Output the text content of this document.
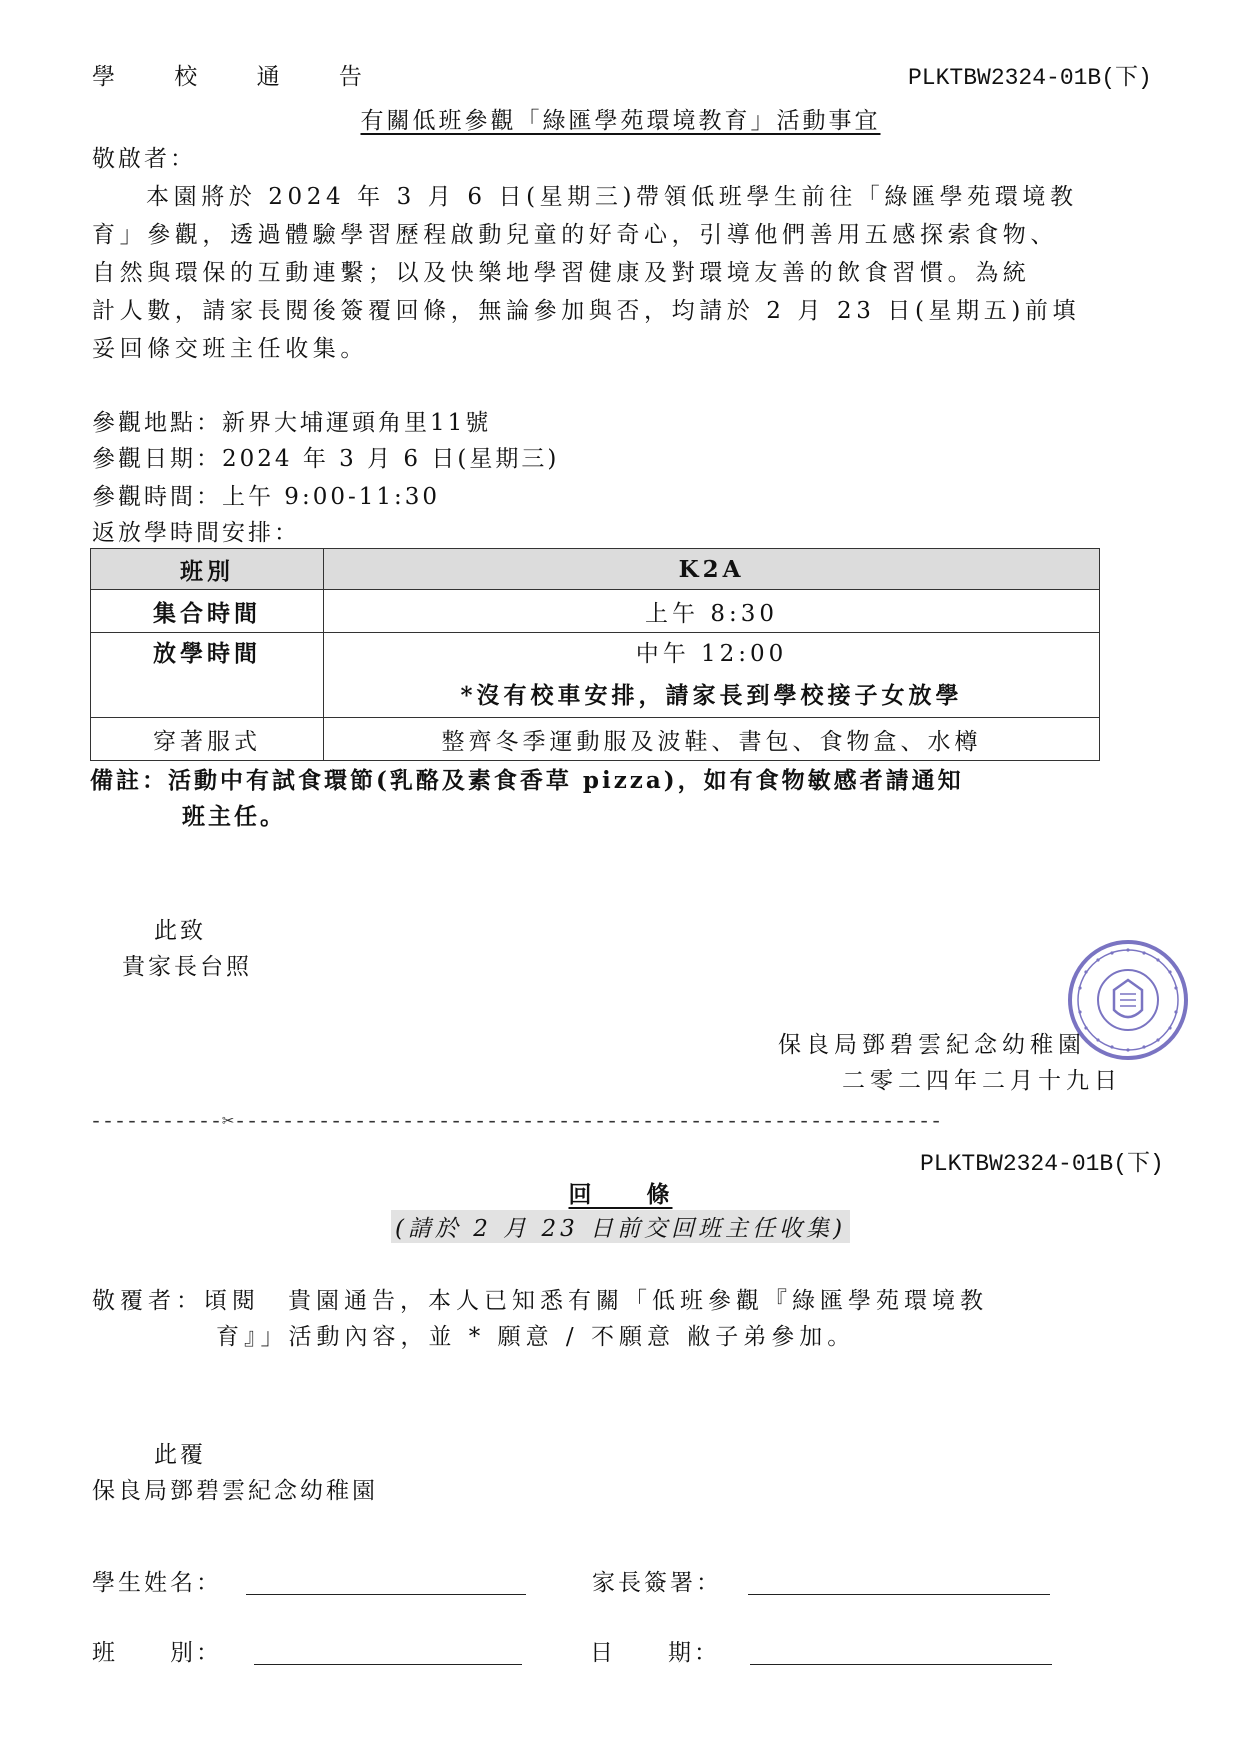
學 校 通 告	PLKTBW2324-01B(下)
有關低班參觀「綠匯學苑環境教育」活動事宜
敬啟者：
本園將於 2024 年 3 月 6 日(星期三)帶領低班學生前往「綠匯學苑環境教
育」參觀，透過體驗學習歷程啟動兒童的好奇心，引導他們善用五感探索食物、
自然與環保的互動連繫；以及快樂地學習健康及對環境友善的飲食習慣。為統
計人數，請家長閱後簽覆回條，無論參加與否，均請於 2 月 23 日(星期五)前填
妥回條交班主任收集。
參觀地點：新界大埔運頭角里11號
參觀日期：2024 年 3 月 6 日(星期三)
參觀時間：上午 9:00-11:30
返放學時間安排：
班別	K2A
集合時間	上午 8:30

放學時間	中午 12:00
*沒有校車安排，請家長到學校接子女放學

穿著服式	整齊冬季運動服及波鞋、書包、食物盒、水樽
備註：活動中有試食環節(乳酪及素食香草 pizza)，如有食物敏感者請通知
班主任。
此致
貴家長台照
保良局鄧碧雲紀念幼稚園
二零二四年二月十九日
-----------✂-----------------------------------------------------------
PLKTBW2324-01B(下)
回　　條
(請於 2 月 23 日前交回班主任收集)
敬覆者：頃閱　貴園通告，本人已知悉有關「低班參觀『綠匯學苑環境教
育』」活動內容，並 * 願意 / 不願意 敝子弟參加。
此覆
保良局鄧碧雲紀念幼稚園
學生姓名：	家長簽署：
班　　別：	日　　期：
